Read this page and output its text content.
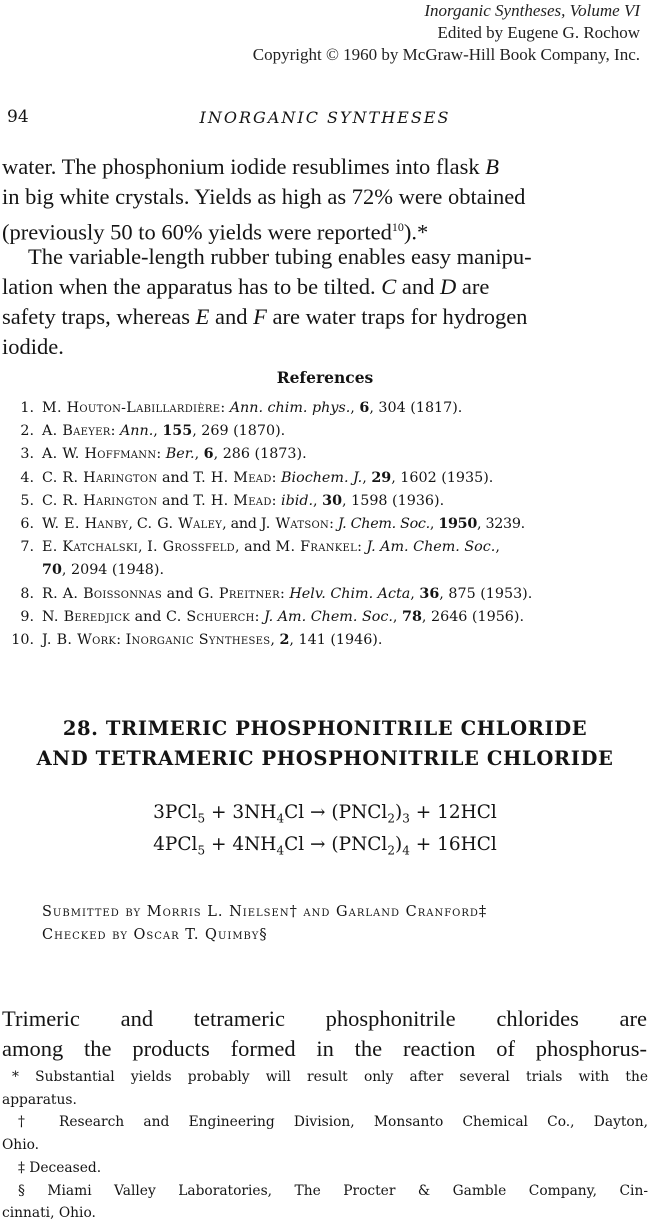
Inorganic Syntheses, Volume VI
Edited by Eugene G. Rochow
Copyright © 1960 by McGraw-Hill Book Company, Inc.
94	INORGANIC SYNTHESES
water. The phosphonium iodide resublimes into flask B
in big white crystals. Yields as high as 72% were obtained
(previously 50 to 60% yields were reported$^{10}$).*
The variable-length rubber tubing enables easy manipu-
lation when the apparatus has to be tilted. C and D are
safety traps, whereas E and F are water traps for hydrogen
iodide.
References
1. M. Houton-Labillardière: Ann. chim. phys., 6, 304 (1817).
2. A. Baeyer: Ann., 155, 269 (1870).
3. A. W. Hoffmann: Ber., 6, 286 (1873).
4. C. R. Harington and T. H. Mead: Biochem. J., 29, 1602 (1935).
5. C. R. Harington and T. H. Mead: ibid., 30, 1598 (1936).
6. W. E. Hanby, C. G. Waley, and J. Watson: J. Chem. Soc., 1950, 3239.
7. E. Katchalski, I. Grossfeld, and M. Frankel: J. Am. Chem. Soc.,
70, 2094 (1948).
8. R. A. Boissonnas and G. Preitner: Helv. Chim. Acta, 36, 875 (1953).
9. N. Beredjick and C. Schuerch: J. Am. Chem. Soc., 78, 2646 (1956).
10. J. B. Work: Inorganic Syntheses, 2, 141 (1946).
28. TRIMERIC PHOSPHONITRILE CHLORIDE
AND TETRAMERIC PHOSPHONITRILE CHLORIDE
$3PCl_5 + 3NH_4Cl$ → $(PNCl_2)_3 + 12HCl$
$4PCl_5 + 4NH_4Cl$ → $(PNCl_2)_4 + 16HCl$
Submitted by Morris L. Nielsen† and Garland Cranford‡
Checked by Oscar T. Quimby§
Trimeric and tetrameric phosphonitrile chlorides are
among the products formed in the reaction of phosphorus-
* Substantial yields probably will result only after several trials with the
apparatus.
† Research and Engineering Division, Monsanto Chemical Co., Dayton,
Ohio.
‡ Deceased.
§ Miami Valley Laboratories, The Procter & Gamble Company, Cin-
cinnati, Ohio.
